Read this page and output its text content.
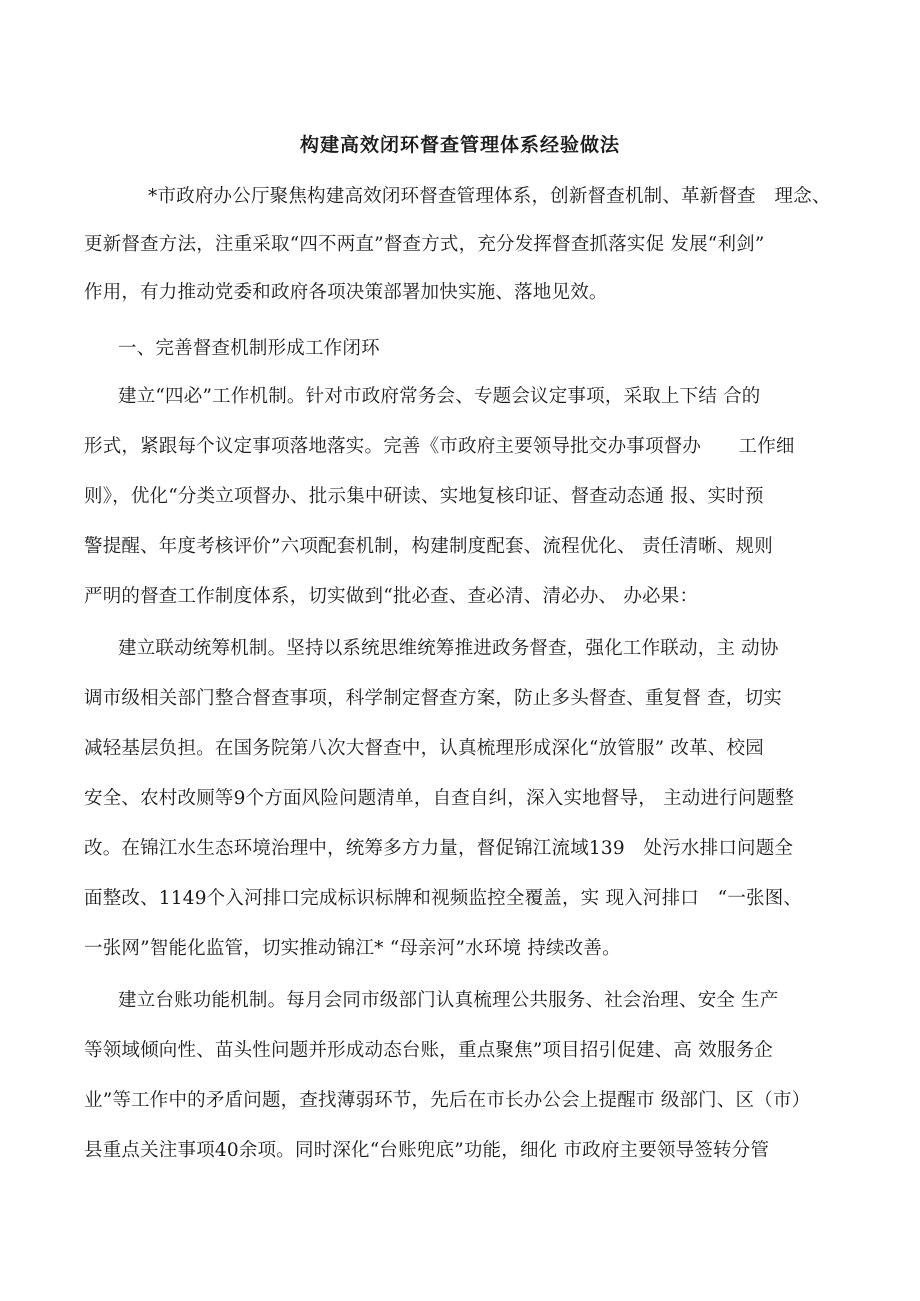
构建高效闭环督查管理体系经验做法
*市政府办公厅聚焦构建高效闭环督查管理体系，创新督查机制、革新督查　理念、
更新督查方法，注重采取“四不两直”督查方式，充分发挥督查抓落实促 发展“利剑”
作用，有力推动党委和政府各项决策部署加快实施、落地见效。
一、完善督查机制形成工作闭环
建立“四必”工作机制。针对市政府常务会、专题会议定事项，采取上下结 合的
形式，紧跟每个议定事项落地落实。完善《市政府主要领导批交办事项督办　　工作细
则》，优化“分类立项督办、批示集中研读、实地复核印证、督查动态通 报、实时预
警提醒、年度考核评价”六项配套机制，构建制度配套、流程优化、 责任清晰、规则
严明的督查工作制度体系，切实做到“批必查、查必清、清必办、 办必果：
建立联动统筹机制。坚持以系统思维统筹推进政务督查，强化工作联动，主 动协
调市级相关部门整合督查事项，科学制定督查方案，防止多头督查、重复督 查，切实
减轻基层负担。在国务院第八次大督查中，认真梳理形成深化“放管服” 改革、校园
安全、农村改厕等9个方面风险问题清单，自查自纠，深入实地督导， 主动进行问题整
改。在锦江水生态环境治理中，统筹多方力量，督促锦江流域139　处污水排口问题全
面整改、1149个入河排口完成标识标牌和视频监控全覆盖，实 现入河排口　“一张图、
一张网”智能化监管，切实推动锦江* “母亲河”水环境 持续改善。
建立台账功能机制。每月会同市级部门认真梳理公共服务、社会治理、安全 生产
等领域倾向性、苗头性问题并形成动态台账，重点聚焦”项目招引促建、高 效服务企
业”等工作中的矛盾问题，查找薄弱环节，先后在市长办公会上提醒市 级部门、区（市）
县重点关注事项40余项。同时深化“台账兜底”功能，细化 市政府主要领导签转分管
